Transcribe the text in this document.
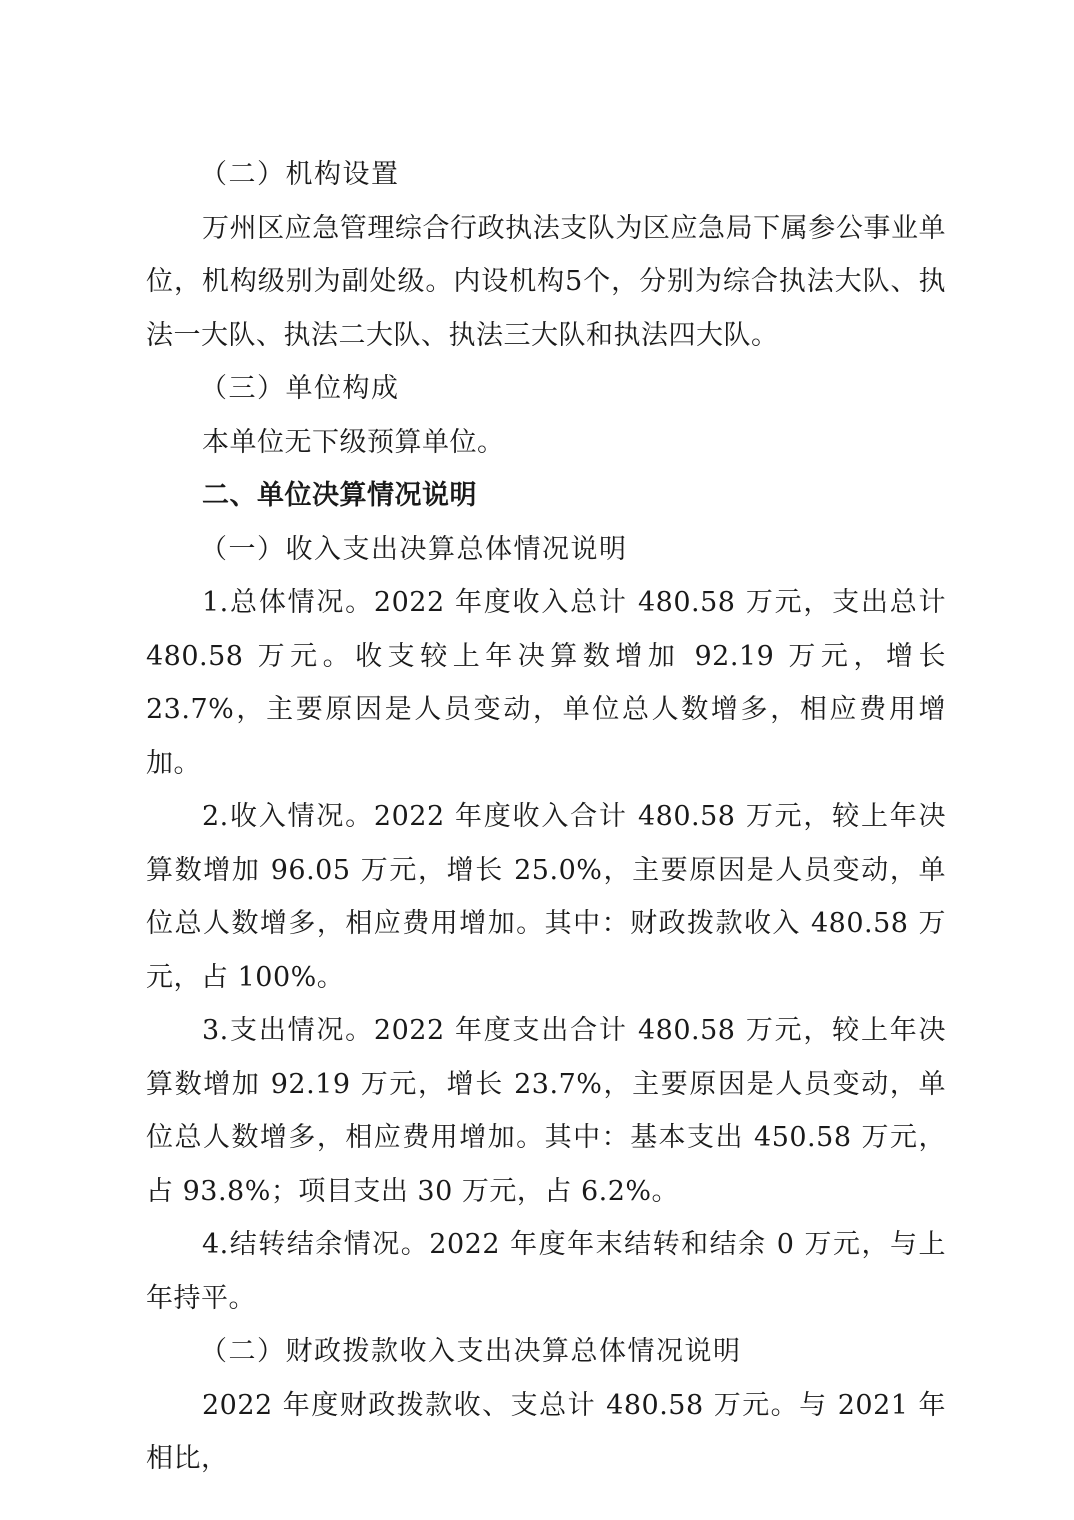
（二）机构设置

万州区应急管理综合行政执法支队为区应急局下属参公事业单位，机构级别为副处级。内设机构5个，分别为综合执法大队、执法一大队、执法二大队、执法三大队和执法四大队。

（三）单位构成

本单位无下级预算单位。

二、单位决算情况说明

（一）收入支出决算总体情况说明

1.总体情况。2022 年度收入总计 480.58 万元，支出总计480.58 万元。收支较上年决算数增加 92.19 万元，增长 23.7%，主要原因是人员变动，单位总人数增多，相应费用增加。

2.收入情况。2022 年度收入合计 480.58 万元，较上年决算数增加 96.05 万元，增长 25.0%，主要原因是人员变动，单位总人数增多，相应费用增加。其中：财政拨款收入 480.58 万元，占 100%。

3.支出情况。2022 年度支出合计 480.58 万元，较上年决算数增加 92.19 万元，增长 23.7%，主要原因是人员变动，单位总人数增多，相应费用增加。其中：基本支出 450.58 万元，占 93.8%；项目支出 30 万元，占 6.2%。

4.结转结余情况。2022 年度年末结转和结余 0 万元，与上年持平。

（二）财政拨款收入支出决算总体情况说明

2022 年度财政拨款收、支总计 480.58 万元。与 2021 年相比，
